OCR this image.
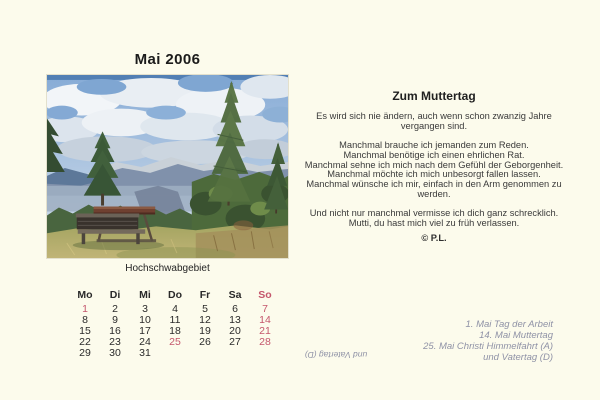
Mai 2006
Hochschwabgebiet
Mo	Di	Mi	Do	Fr	Sa	So
1	2	3	4	5	6	7
8	9	10	11	12	13	14
15	16	17	18	19	20	21
22	23	24	25	26	27	28
29	30	31
Zum Muttertag
Es wird sich nie ändern, auch wenn schon zwanzig Jahre
vergangen sind.
Manchmal brauche ich jemanden zum Reden.
Manchmal benötige ich einen ehrlichen Rat.
Manchmal sehne ich mich nach dem Gefühl der Geborgenheit.
Manchmal möchte ich mich unbesorgt fallen lassen.
Manchmal wünsche ich mir, einfach in den Arm genommen zu
werden.
Und nicht nur manchmal vermisse ich dich ganz schrecklich.
Mutti, du hast mich viel zu früh verlassen.
© P.L.
1. Mai Tag der Arbeit
14. Mai Muttertag
25. Mai Christi Himmelfahrt (A)
und Vatertag (D)
und Vatertag (D)
